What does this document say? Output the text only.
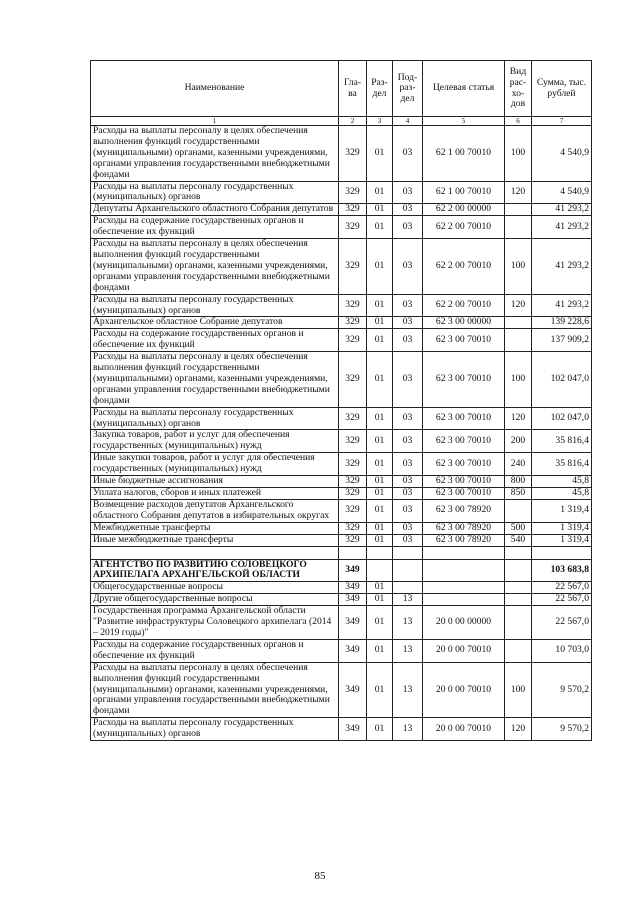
Наименование	Гла-ва	Раз-дел	Под-раз-дел	Целевая статья	Вид рас-хо-дов	Сумма, тыс. рублей
1	2	3	4	5	6	7
Расходы на выплаты персоналу в целях обеспечения выполнения функций государственными (муниципальными) органами, казенными учреждениями, органами управления государственными внебюджетными фондами	329	01	03	62 1 00 70010	100	4 540,9
Расходы на выплаты персоналу государственных (муниципальных) органов	329	01	03	62 1 00 70010	120	4 540,9
Депутаты Архангельского областного Собрания депутатов	329	01	03	62 2 00 00000		41 293,2
Расходы на содержание государственных органов и обеспечение их функций	329	01	03	62 2 00 70010		41 293,2
Расходы на выплаты персоналу в целях обеспечения выполнения функций государственными (муниципальными) органами, казенными учреждениями, органами управления государственными внебюджетными фондами	329	01	03	62 2 00 70010	100	41 293,2
Расходы на выплаты персоналу государственных (муниципальных) органов	329	01	03	62 2 00 70010	120	41 293,2
Архангельское областное Собрание депутатов	329	01	03	62 3 00 00000		139 228,6
Расходы на содержание государственных органов и обеспечение их функций	329	01	03	62 3 00 70010		137 909,2
Расходы на выплаты персоналу в целях обеспечения выполнения функций государственными (муниципальными) органами, казенными учреждениями, органами управления государственными внебюджетными фондами	329	01	03	62 3 00 70010	100	102 047,0
Расходы на выплаты персоналу государственных (муниципальных) органов	329	01	03	62 3 00 70010	120	102 047,0
Закупка товаров, работ и услуг для обеспечения государственных (муниципальных) нужд	329	01	03	62 3 00 70010	200	35 816,4
Иные закупки товаров, работ и услуг для обеспечения государственных (муниципальных) нужд	329	01	03	62 3 00 70010	240	35 816,4
Иные бюджетные ассигнования	329	01	03	62 3 00 70010	800	45,8
Уплата налогов, сборов и иных платежей	329	01	03	62 3 00 70010	850	45,8
Возмещение расходов депутатов Архангельского областного Собрания депутатов в избирательных округах	329	01	03	62 3 00 78920		1 319,4
Межбюджетные трансферты	329	01	03	62 3 00 78920	500	1 319,4
Иные межбюджетные трансферты	329	01	03	62 3 00 78920	540	1 319,4

АГЕНТСТВО ПО РАЗВИТИЮ СОЛОВЕЦКОГО АРХИПЕЛАГА АРХАНГЕЛЬСКОЙ ОБЛАСТИ	349					103 683,8
Общегосударственные вопросы	349	01				22 567,0
Другие общегосударственные вопросы	349	01	13			22 567,0
Государственная программа Архангельской области "Развитие инфраструктуры Соловецкого архипелага (2014 – 2019 годы)"	349	01	13	20 0 00 00000		22 567,0
Расходы на содержание государственных органов и обеспечение их функций	349	01	13	20 0 00 70010		10 703,0
Расходы на выплаты персоналу в целях обеспечения выполнения функций государственными (муниципальными) органами, казенными учреждениями, органами управления государственными внебюджетными фондами	349	01	13	20 0 00 70010	100	9 570,2
Расходы на выплаты персоналу государственных (муниципальных) органов	349	01	13	20 0 00 70010	120	9 570,2
85
